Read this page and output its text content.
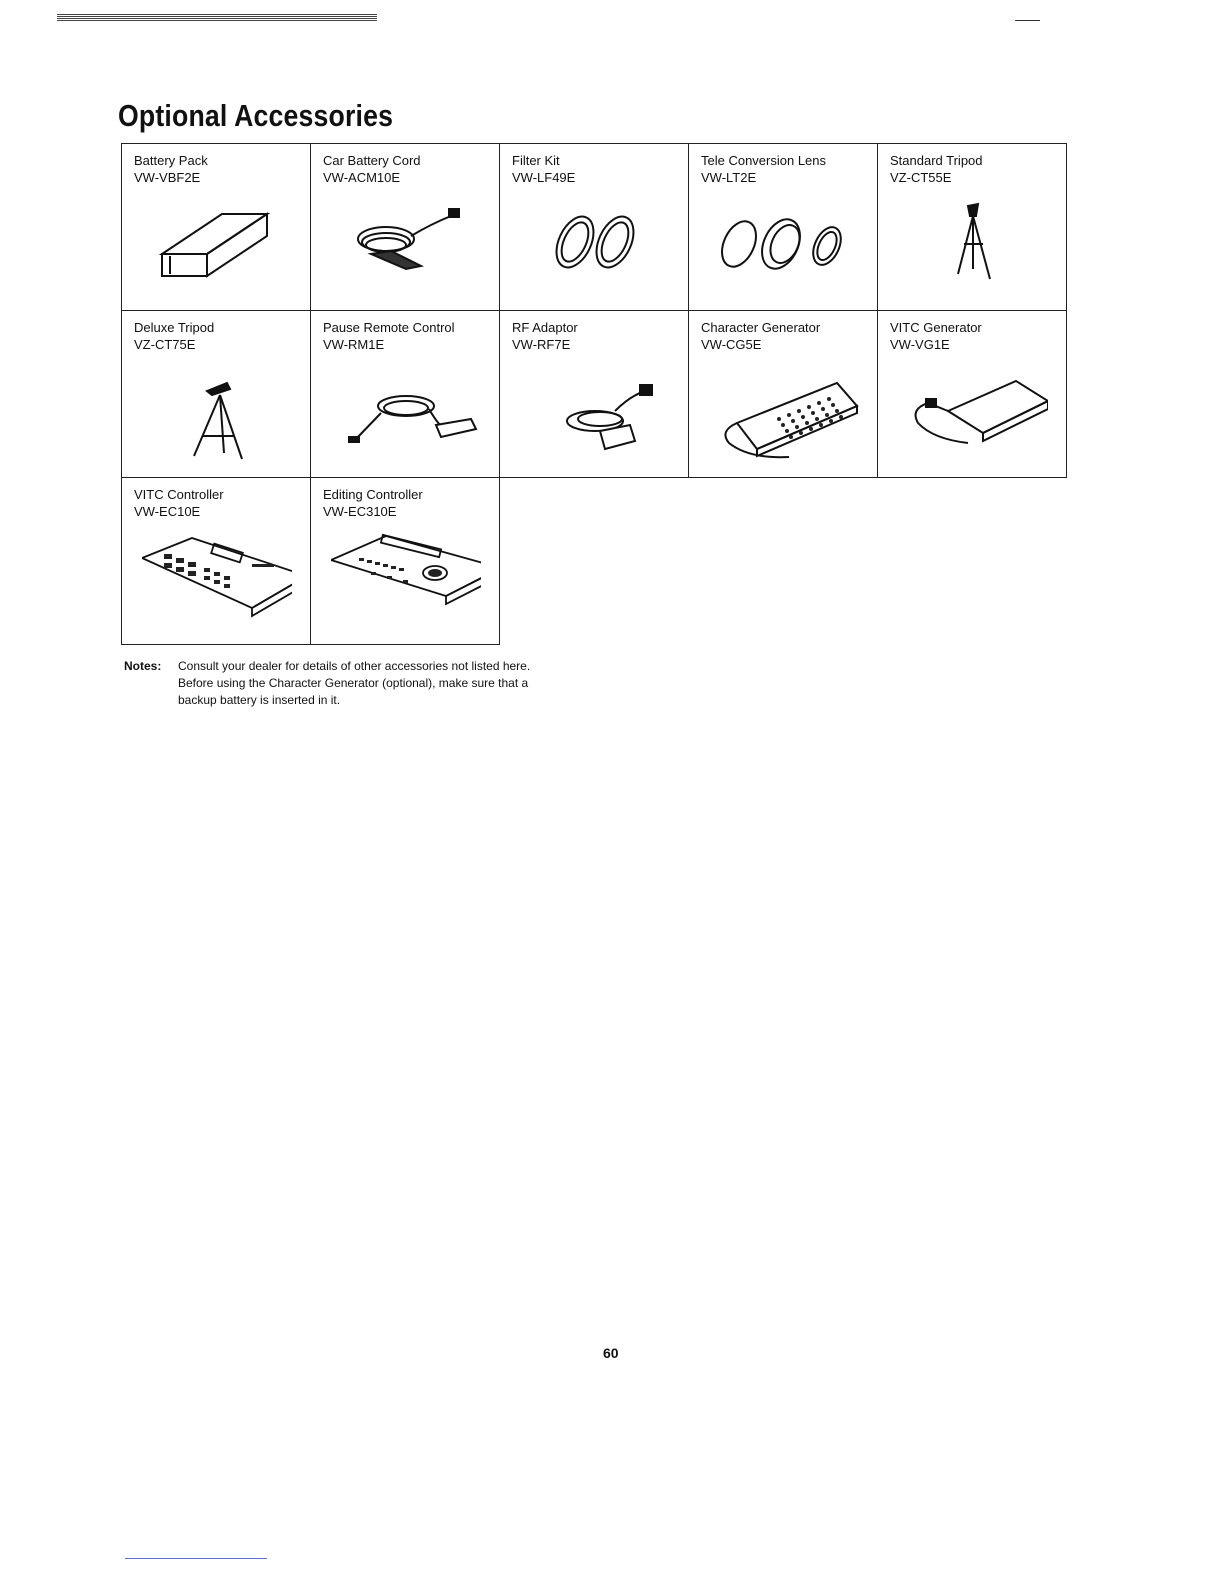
Optional Accessories
Battery Pack
VW-VBF2E
Car Battery Cord
VW-ACM10E
Filter Kit
VW-LF49E
Tele Conversion Lens
VW-LT2E
Standard Tripod
VZ-CT55E
Deluxe Tripod
VZ-CT75E
Pause Remote Control
VW-RM1E
RF Adaptor
VW-RF7E
Character Generator
VW-CG5E
VITC Generator
VW-VG1E
VITC Controller
VW-EC10E
Editing Controller
VW-EC310E
Notes: Consult your dealer for details of other accessories not listed here.
Before using the Character Generator (optional), make sure that a
backup battery is inserted in it.
60
